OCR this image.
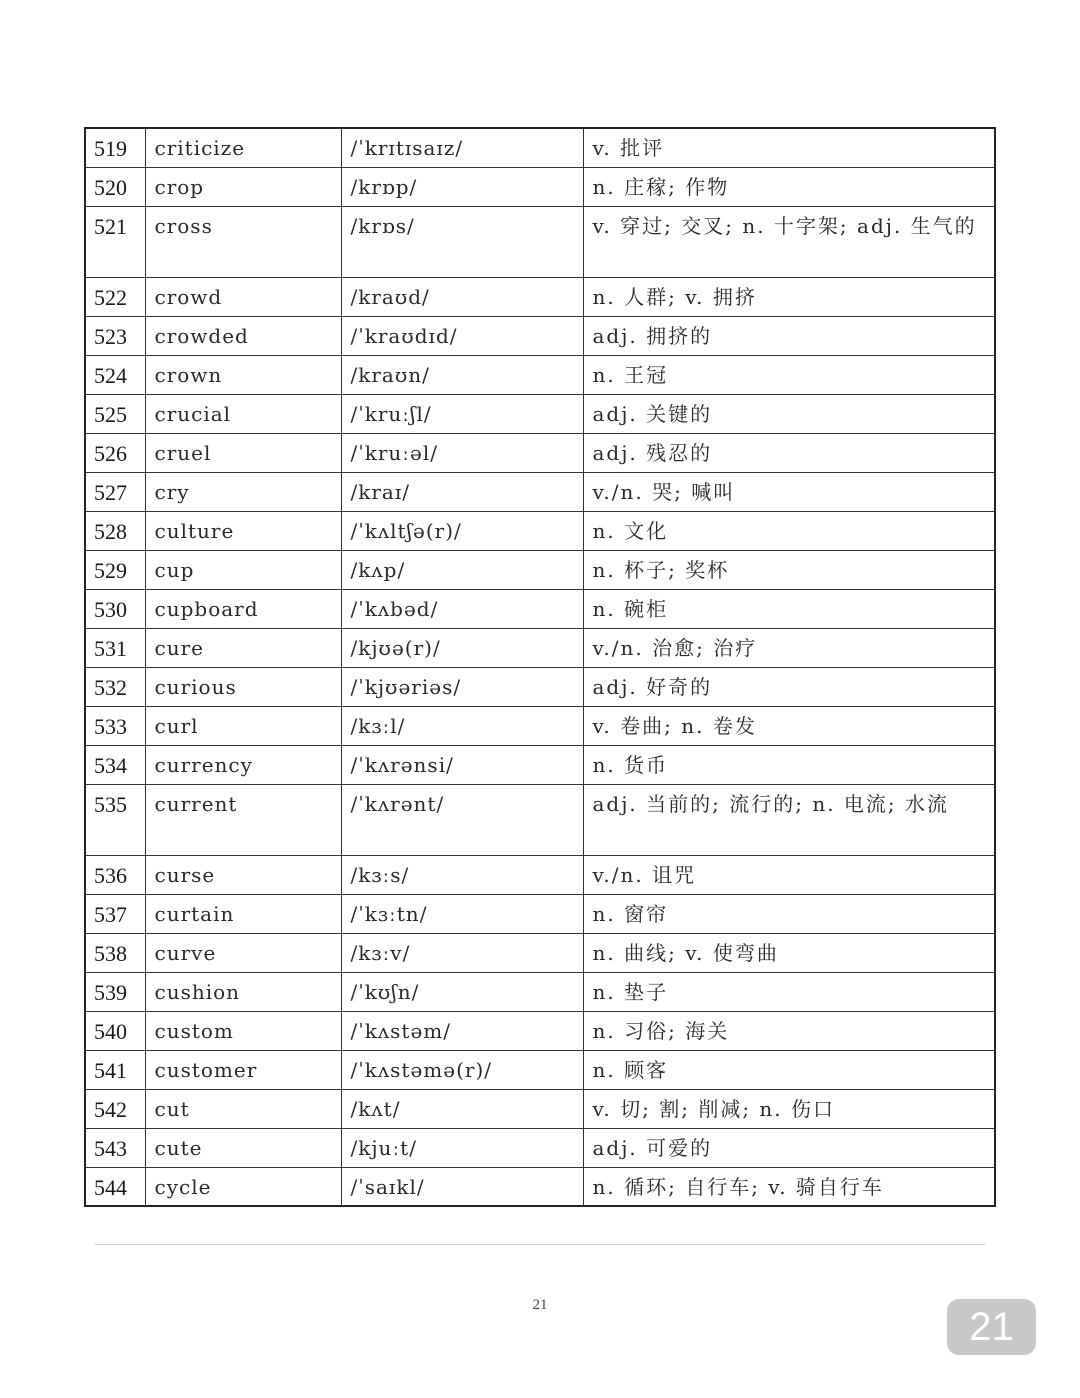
519	criticize	/ˈkrɪtɪsaɪz/	v. 批评
520	crop	/krɒp/	n. 庄稼; 作物
521	cross	/krɒs/	v. 穿过; 交叉; n. 十字架; adj. 生气的
522	crowd	/kraʊd/	n. 人群; v. 拥挤
523	crowded	/ˈkraʊdɪd/	adj. 拥挤的
524	crown	/kraʊn/	n. 王冠
525	crucial	/ˈkruːʃl/	adj. 关键的
526	cruel	/ˈkruːəl/	adj. 残忍的
527	cry	/kraɪ/	v./n. 哭; 喊叫
528	culture	/ˈkʌltʃə(r)/	n. 文化
529	cup	/kʌp/	n. 杯子; 奖杯
530	cupboard	/ˈkʌbəd/	n. 碗柜
531	cure	/kjʊə(r)/	v./n. 治愈; 治疗
532	curious	/ˈkjʊəriəs/	adj. 好奇的
533	curl	/kɜːl/	v. 卷曲; n. 卷发
534	currency	/ˈkʌrənsi/	n. 货币
535	current	/ˈkʌrənt/	adj. 当前的; 流行的; n. 电流; 水流
536	curse	/kɜːs/	v./n. 诅咒
537	curtain	/ˈkɜːtn/	n. 窗帘
538	curve	/kɜːv/	n. 曲线; v. 使弯曲
539	cushion	/ˈkʊʃn/	n. 垫子
540	custom	/ˈkʌstəm/	n. 习俗; 海关
541	customer	/ˈkʌstəmə(r)/	n. 顾客
542	cut	/kʌt/	v. 切; 割; 削减; n. 伤口
543	cute	/kjuːt/	adj. 可爱的
544	cycle	/ˈsaɪkl/	n. 循环; 自行车; v. 骑自行车
21	21
